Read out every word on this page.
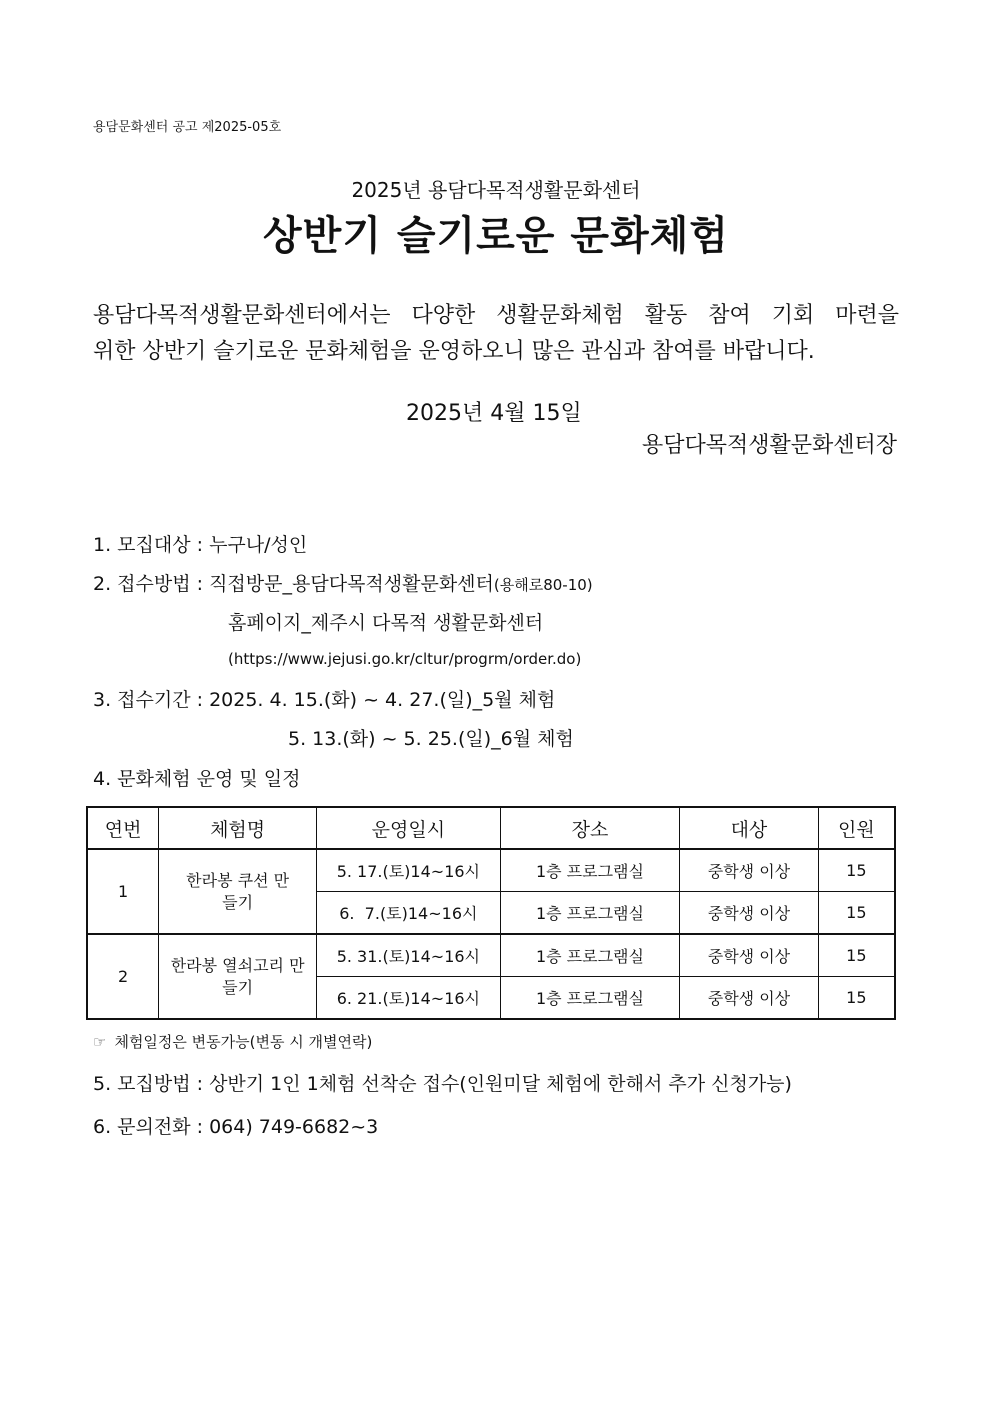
용담문화센터 공고 제2025-05호
2025년 용담다목적생활문화센터
상반기 슬기로운 문화체험
용담다목적생활문화센터에서는 다양한 생활문화체험 활동 참여 기회 마련을
위한 상반기 슬기로운 문화체험을 운영하오니 많은 관심과 참여를 바랍니다.
2025년 4월 15일
용담다목적생활문화센터장
1. 모집대상 : 누구나/성인
2. 접수방법 : 직접방문_용담다목적생활문화센터(용해로80-10)
홈페이지_제주시 다목적 생활문화센터
(https://www.jejusi.go.kr/cltur/progrm/order.do)
3. 접수기간 : 2025. 4. 15.(화) ~ 4. 27.(일)_5월 체험
5. 13.(화) ~ 5. 25.(일)_6월 체험
4. 문화체험 운영 및 일정
연번	체험명	운영일시	장소	대상	인원
1	한라봉 쿠션 만들기	5. 17.(토)14~16시	1층 프로그램실	중학생 이상	15
		6.  7.(토)14~16시	1층 프로그램실	중학생 이상	15
2	한라봉 열쇠고리 만들기	5. 31.(토)14~16시	1층 프로그램실	중학생 이상	15
		6. 21.(토)14~16시	1층 프로그램실	중학생 이상	15
☞ 체험일정은 변동가능(변동 시 개별연락)
5. 모집방법 : 상반기 1인 1체험 선착순 접수(인원미달 체험에 한해서 추가 신청가능)
6. 문의전화 : 064) 749-6682~3
